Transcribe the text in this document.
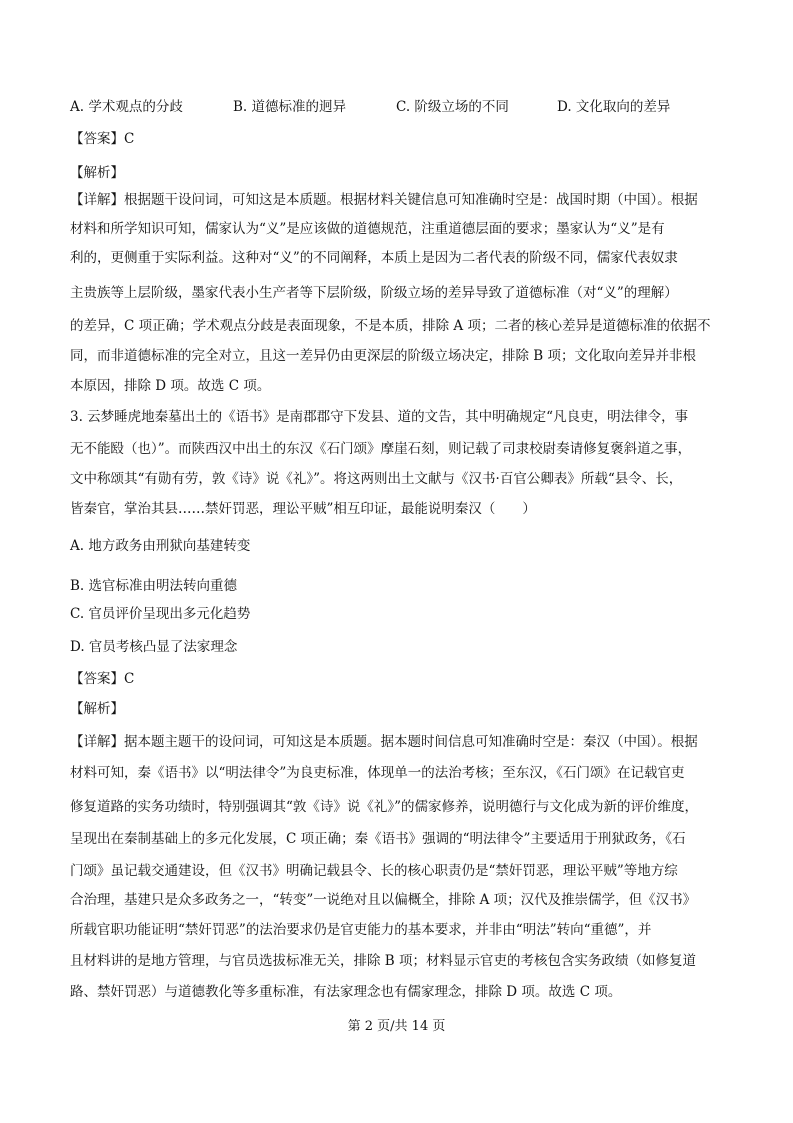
A. 学术观点的分歧	B. 道德标准的迥异	C. 阶级立场的不同	D. 文化取向的差异
【答案】C
【解析】
【详解】根据题干设问词，可知这是本质题。根据材料关键信息可知准确时空是：战国时期（中国）。根据
材料和所学知识可知，儒家认为“义”是应该做的道德规范，注重道德层面的要求；墨家认为“义”是有
利的，更侧重于实际利益。这种对“义”的不同阐释，本质上是因为二者代表的阶级不同，儒家代表奴隶
主贵族等上层阶级，墨家代表小生产者等下层阶级，阶级立场的差异导致了道德标准（对“义”的理解）
的差异，C 项正确；学术观点分歧是表面现象，不是本质，排除 A 项；二者的核心差异是道德标准的依据不
同，而非道德标准的完全对立，且这一差异仍由更深层的阶级立场决定，排除 B 项；文化取向差异并非根
本原因，排除 D 项。故选 C 项。
3. 云梦睡虎地秦墓出土的《语书》是南郡郡守下发县、道的文告，其中明确规定“凡良吏，明法律令，事
无不能殹（也）”。而陕西汉中出土的东汉《石门颂》摩崖石刻，则记载了司隶校尉奏请修复褒斜道之事，
文中称颂其“有勋有劳，敦《诗》说《礼》”。将这两则出土文献与《汉书·百官公卿表》所载“县令、长，
皆秦官，掌治其县……禁奸罚恶，理讼平贼”相互印证，最能说明秦汉（　　）
A. 地方政务由刑狱向基建转变
B. 选官标准由明法转向重德
C. 官员评价呈现出多元化趋势
D. 官员考核凸显了法家理念
【答案】C
【解析】
【详解】据本题主题干的设问词，可知这是本质题。据本题时间信息可知准确时空是：秦汉（中国）。根据
材料可知，秦《语书》以“明法律令”为良吏标准，体现单一的法治考核；至东汉，《石门颂》在记载官吏
修复道路的实务功绩时，特别强调其“敦《诗》说《礼》”的儒家修养，说明德行与文化成为新的评价维度，
呈现出在秦制基础上的多元化发展，C 项正确；秦《语书》强调的“明法律令”主要适用于刑狱政务，《石
门颂》虽记载交通建设，但《汉书》明确记载县令、长的核心职责仍是“禁奸罚恶，理讼平贼”等地方综
合治理，基建只是众多政务之一，“转变”一说绝对且以偏概全，排除 A 项；汉代及推崇儒学，但《汉书》
所载官职功能证明“禁奸罚恶”的法治要求仍是官吏能力的基本要求，并非由“明法”转向“重德”，并
且材料讲的是地方管理，与官员选拔标准无关，排除 B 项；材料显示官吏的考核包含实务政绩（如修复道
路、禁奸罚恶）与道德教化等多重标准，有法家理念也有儒家理念，排除 D 项。故选 C 项。
第 2 页/共 14 页
